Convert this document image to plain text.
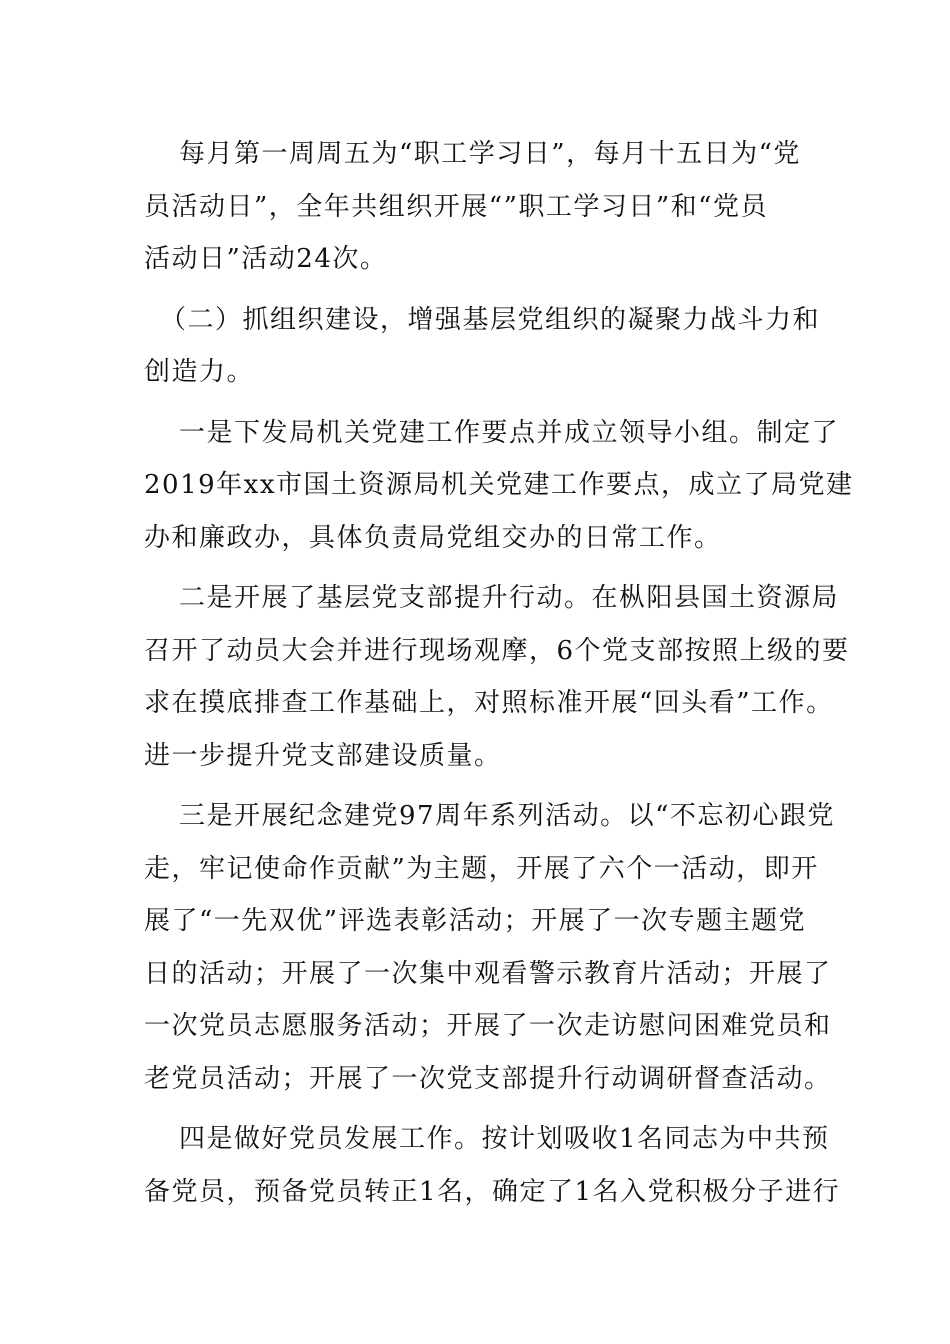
每月第一周周五为“职工学习日”，每月十五日为“党
员活动日”，全年共组织开展“”职工学习日”和“党员
活动日”活动24次。

（二）抓组织建设，增强基层党组织的凝聚力战斗力和
创造力。

一是下发局机关党建工作要点并成立领导小组。制定了
2019年xx市国土资源局机关党建工作要点，成立了局党建
办和廉政办，具体负责局党组交办的日常工作。

二是开展了基层党支部提升行动。在枞阳县国土资源局
召开了动员大会并进行现场观摩，6个党支部按照上级的要
求在摸底排查工作基础上，对照标准开展“回头看”工作。
进一步提升党支部建设质量。

三是开展纪念建党97周年系列活动。以“不忘初心跟党
走，牢记使命作贡献”为主题，开展了六个一活动，即开
展了“一先双优”评选表彰活动；开展了一次专题主题党
日的活动；开展了一次集中观看警示教育片活动；开展了
一次党员志愿服务活动；开展了一次走访慰问困难党员和
老党员活动；开展了一次党支部提升行动调研督查活动。

四是做好党员发展工作。按计划吸收1名同志为中共预
备党员，预备党员转正1名，确定了1名入党积极分子进行
